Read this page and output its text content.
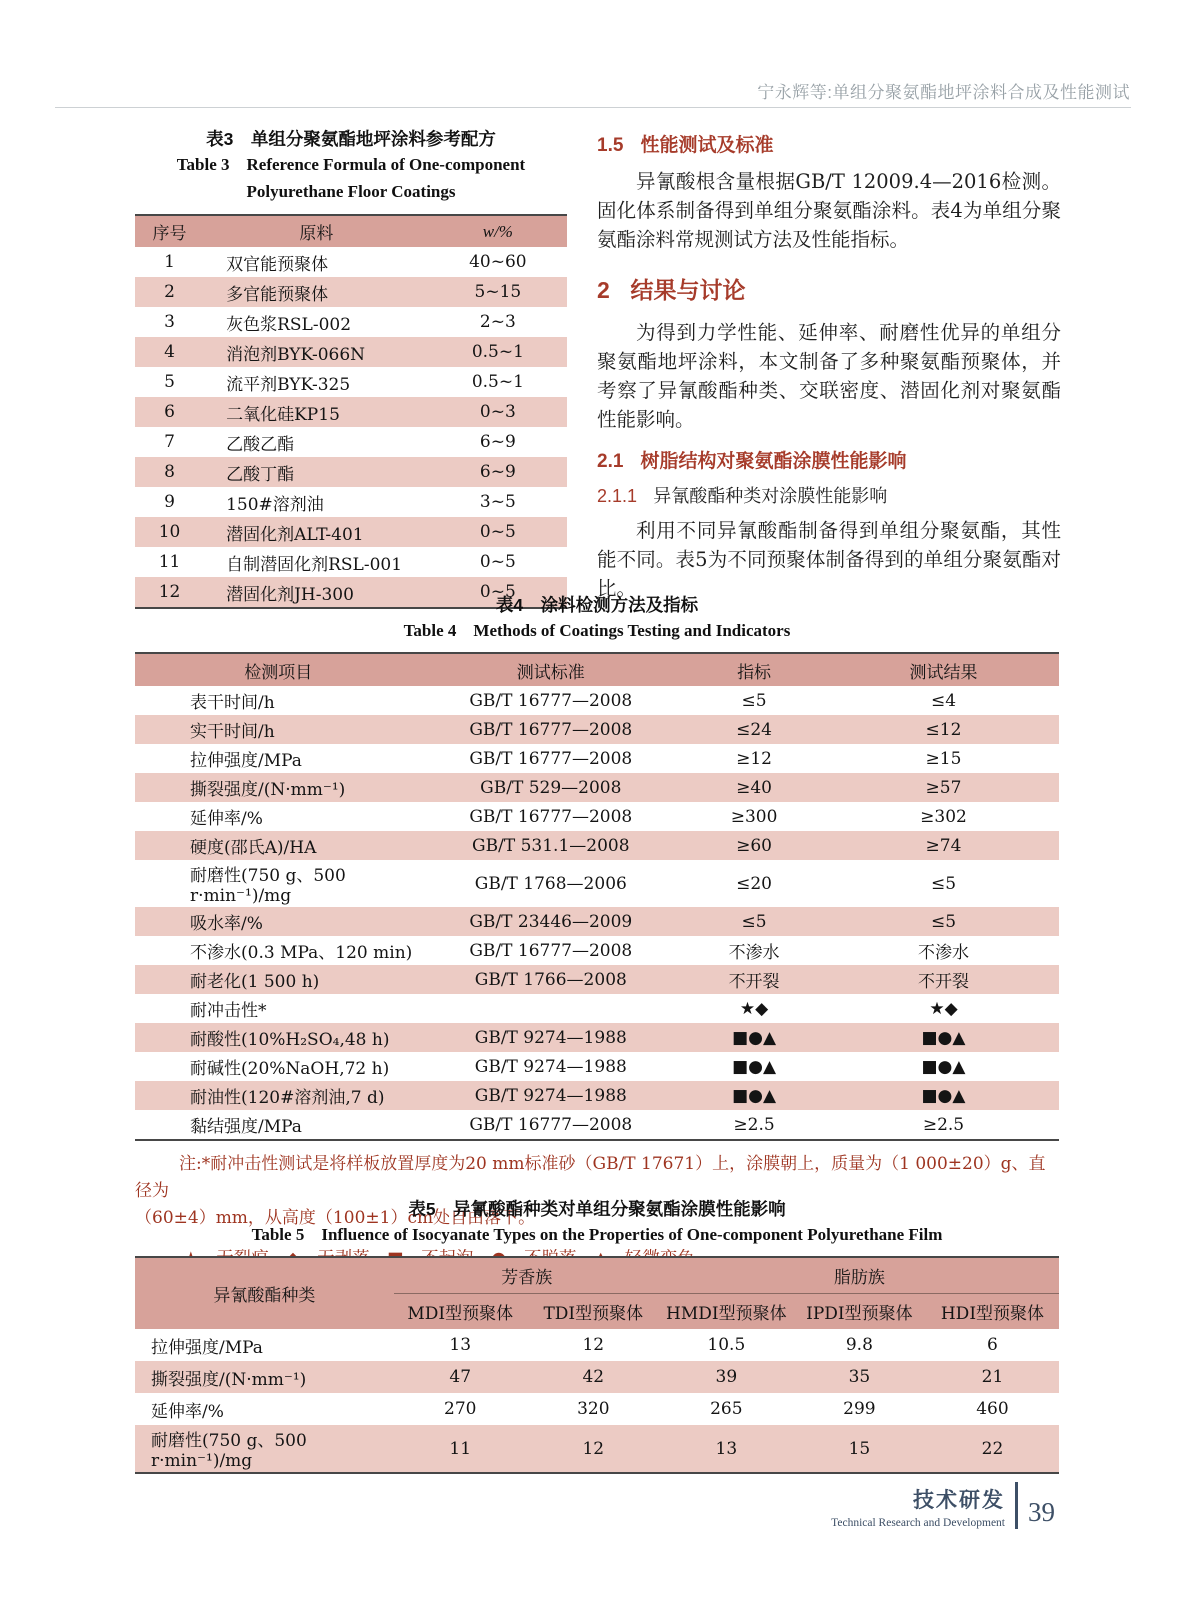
宁永辉等:单组分聚氨酯地坪涂料合成及性能测试
表3　单组分聚氨酯地坪涂料参考配方
Table 3　Reference Formula of One-component
Polyurethane Floor Coatings
序号	原料	w/%
1	双官能预聚体	40~60
2	多官能预聚体	5~15
3	灰色浆RSL-002	2~3
4	消泡剂BYK-066N	0.5~1
5	流平剂BYK-325	0.5~1
6	二氧化硅KP15	0~3
7	乙酸乙酯	6~9
8	乙酸丁酯	6~9
9	150#溶剂油	3~5
10	潜固化剂ALT-401	0~5
11	自制潜固化剂RSL-001	0~5
12	潜固化剂JH-300	0~5
1.5 性能测试及标准

异氰酸根含量根据GB/T 12009.4—2016检测。固化体系制备得到单组分聚氨酯涂料。表4为单组分聚氨酯涂料常规测试方法及性能指标。

2 结果与讨论

为得到力学性能、延伸率、耐磨性优异的单组分聚氨酯地坪涂料，本文制备了多种聚氨酯预聚体，并考察了异氰酸酯种类、交联密度、潜固化剂对聚氨酯性能影响。

2.1 树脂结构对聚氨酯涂膜性能影响
2.1.1 异氰酸酯种类对涂膜性能影响

利用不同异氰酸酯制备得到单组分聚氨酯，其性能不同。表5为不同预聚体制备得到的单组分聚氨酯对比。

表4　涂料检测方法及指标
Table 4　Methods of Coatings Testing and Indicators
检测项目	测试标准	指标	测试结果
表干时间/h	GB/T 16777—2008	≤5	≤4
实干时间/h	GB/T 16777—2008	≤24	≤12
拉伸强度/MPa	GB/T 16777—2008	≥12	≥15
撕裂强度/(N·mm⁻¹)	GB/T 529—2008	≥40	≥57
延伸率/%	GB/T 16777—2008	≥300	≥302
硬度(邵氏A)/HA	GB/T 531.1—2008	≥60	≥74
耐磨性(750 g、500 r·min⁻¹)/mg	GB/T 1768—2006	≤20	≤5
吸水率/%	GB/T 23446—2009	≤5	≤5
不渗水(0.3 MPa、120 min)	GB/T 16777—2008	不渗水	不渗水
耐老化(1 500 h)	GB/T 1766—2008	不开裂	不开裂
耐冲击性*		★◆	★◆
耐酸性(10%H₂SO₄,48 h)	GB/T 9274—1988	■●▲	■●▲
耐碱性(20%NaOH,72 h)	GB/T 9274—1988	■●▲	■●▲
耐油性(120#溶剂油,7 d)	GB/T 9274—1988	■●▲	■●▲
黏结强度/MPa	GB/T 16777—2008	≥2.5	≥2.5
注:*耐冲击性测试是将样板放置厚度为20 mm标准砂（GB/T 17671）上，涂膜朝上，质量为（1 000±20）g、直径为
（60±4）mm，从高度（100±1）cm处自由落下。
表5　异氰酸酯种类对单组分聚氨酯涂膜性能影响
Table 5　Influence of Isocyanate Types on the Properties of One-component Polyurethane Film
异氰酸酯种类	芳香族		脂肪族		
	MDI型预聚体	TDI型预聚体	HMDI型预聚体	IPDI型预聚体	HDI型预聚体
拉伸强度/MPa	13	12	10.5	9.8	6
撕裂强度/(N·mm⁻¹)	47	42	39	35	21
延伸率/%	270	320	265	299	460
耐磨性(750 g、500 r·min⁻¹)/mg	11	12	13	15	22
技术研发
Technical Research and Development 39
